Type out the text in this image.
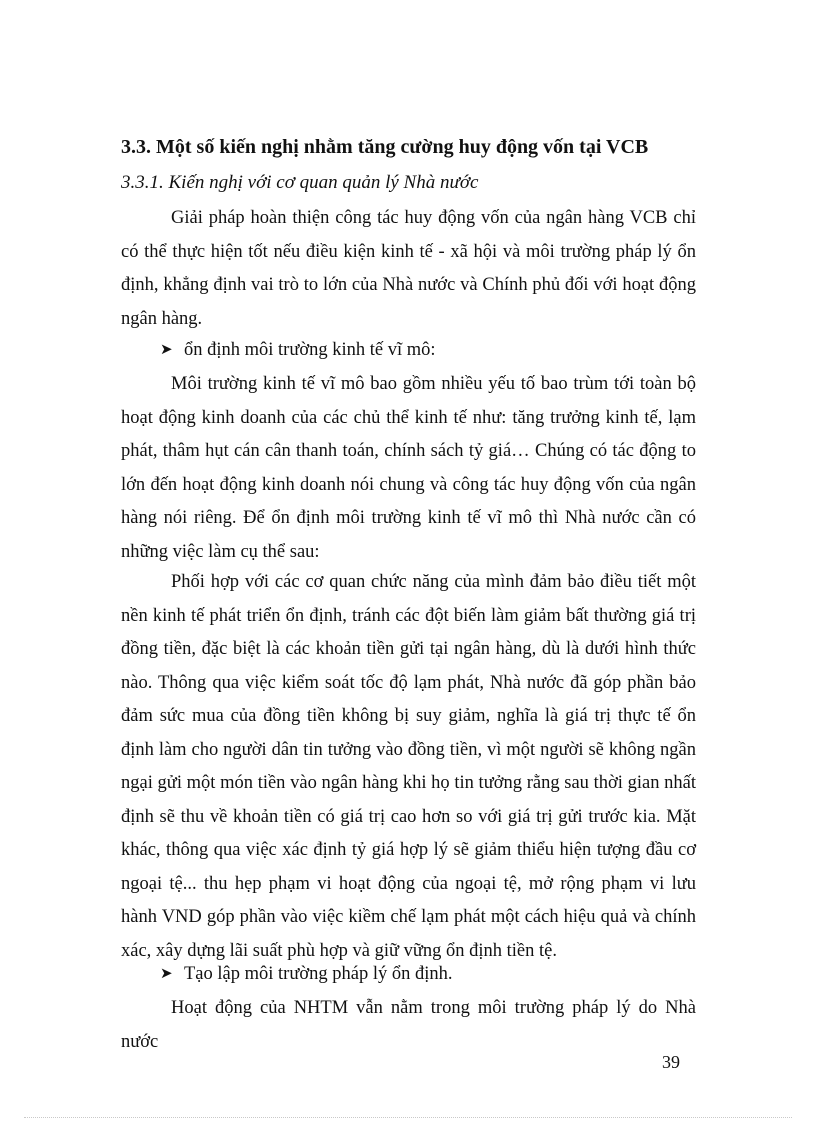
3.3. Một số kiến nghị nhằm tăng cường huy động vốn tại VCB
3.3.1. Kiến nghị với cơ quan quản lý Nhà nước

Giải pháp hoàn thiện công tác huy động vốn của ngân hàng VCB chỉ có thể thực hiện tốt nếu điều kiện kinh tế - xã hội và môi trường pháp lý ổn định, khẳng định vai trò to lớn của Nhà nước và Chính phủ đối với hoạt động ngân hàng.

➤ ổn định môi trường kinh tế vĩ mô:

Môi trường kinh tế vĩ mô bao gồm nhiều yếu tố bao trùm tới toàn bộ hoạt động kinh doanh của các chủ thể kinh tế như: tăng trưởng kinh tế, lạm phát, thâm hụt cán cân thanh toán, chính sách tỷ giá… Chúng có tác động to lớn đến hoạt động kinh doanh nói chung và công tác huy động vốn của ngân hàng nói riêng. Để ổn định môi trường kinh tế vĩ mô thì Nhà nước cần có những việc làm cụ thể sau:

Phối hợp với các cơ quan chức năng của mình đảm bảo điều tiết một nền kinh tế phát triển ổn định, tránh các đột biến làm giảm bất thường giá trị đồng tiền, đặc biệt là các khoản tiền gửi tại ngân hàng, dù là dưới hình thức nào. Thông qua việc kiểm soát tốc độ lạm phát, Nhà nước đã góp phần bảo đảm sức mua của đồng tiền không bị suy giảm, nghĩa là giá trị thực tế ổn định làm cho người dân tin tưởng vào đồng tiền, vì một người sẽ không ngần ngại gửi một món tiền vào ngân hàng khi họ tin tưởng rằng sau thời gian nhất định sẽ thu về khoản tiền có giá trị cao hơn so với giá trị gửi trước kia. Mặt khác, thông qua việc xác định tỷ giá hợp lý sẽ giảm thiểu hiện tượng đầu cơ ngoại tệ... thu hẹp phạm vi hoạt động của ngoại tệ, mở rộng phạm vi lưu hành VND góp phần vào việc kiềm chế lạm phát một cách hiệu quả và chính xác, xây dựng lãi suất phù hợp và giữ vững ổn định tiền tệ.

➤ Tạo lập môi trường pháp lý ổn định.

Hoạt động của NHTM vẫn nằm trong môi trường pháp lý do Nhà nước

39
